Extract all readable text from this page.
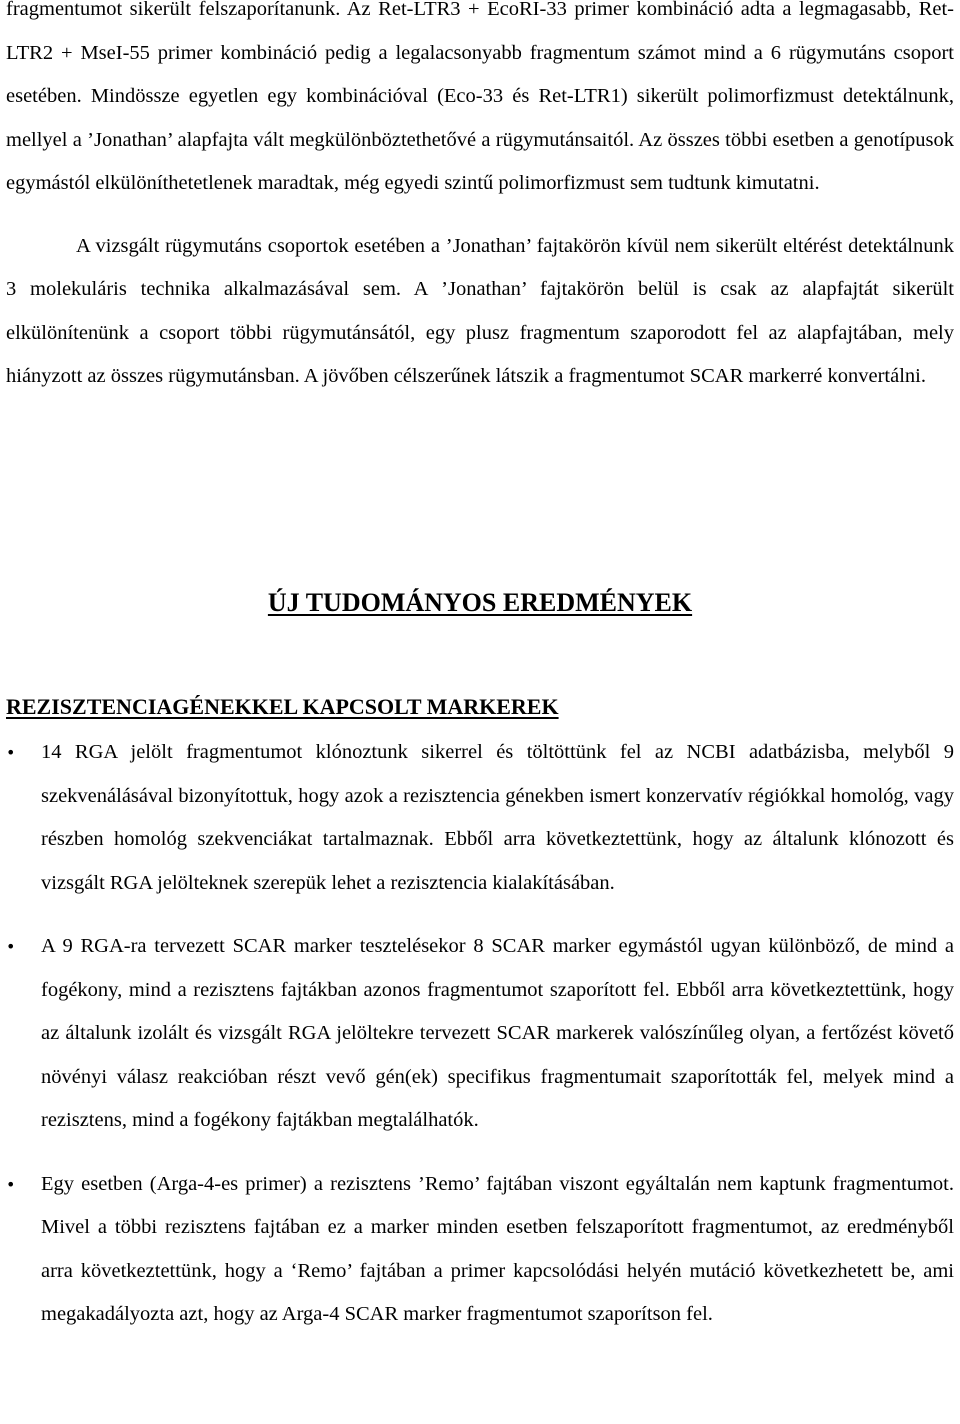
fragmentumot sikerült felszaporítanunk. Az Ret-LTR3 + EcoRI-33 primer kombináció adta a legmagasabb, Ret-LTR2 + MseI-55 primer kombináció pedig a legalacsonyabb fragmentum számot mind a 6 rügymutáns csoport esetében. Mindössze egyetlen egy kombinációval (Eco-33 és Ret-LTR1) sikerült polimorfizmust detektálnunk, mellyel a ’Jonathan’ alapfajta vált megkülönböztethetővé a rügymutánsaitól. Az összes többi esetben a genotípusok egymástól elkülöníthetetlenek maradtak, még egyedi szintű polimorfizmust sem tudtunk kimutatni.

A vizsgált rügymutáns csoportok esetében a ’Jonathan’ fajtakörön kívül nem sikerült eltérést detektálnunk 3 molekuláris technika alkalmazásával sem. A ’Jonathan’ fajtakörön belül is csak az alapfajtát sikerült elkülönítenünk a csoport többi rügymutánsától, egy plusz fragmentum szaporodott fel az alapfajtában, mely hiányzott az összes rügymutánsban. A jövőben célszerűnek látszik a fragmentumot SCAR markerré konvertálni.

ÚJ TUDOMÁNYOS EREDMÉNYEK
REZISZTENCIAGÉNEKKEL KAPCSOLT MARKEREK
•	14 RGA jelölt fragmentumot klónoztunk sikerrel és töltöttünk fel az NCBI adatbázisba, melyből 9 szekvenálásával bizonyítottuk, hogy azok a rezisztencia génekben ismert konzervatív régiókkal homológ, vagy részben homológ szekvenciákat tartalmaznak. Ebből arra következtettünk, hogy az általunk klónozott és vizsgált RGA jelölteknek szerepük lehet a rezisztencia kialakításában.
•	A 9 RGA-ra tervezett SCAR marker tesztelésekor 8 SCAR marker egymástól ugyan különböző, de mind a fogékony, mind a rezisztens fajtákban azonos fragmentumot szaporított fel. Ebből arra következtettünk, hogy az általunk izolált és vizsgált RGA jelöltekre tervezett SCAR markerek valószínűleg olyan, a fertőzést követő növényi válasz reakcióban részt vevő gén(ek) specifikus fragmentumait szaporították fel, melyek mind a rezisztens, mind a fogékony fajtákban megtalálhatók.
•	Egy esetben (Arga-4-es primer) a rezisztens ’Remo’ fajtában viszont egyáltalán nem kaptunk fragmentumot. Mivel a többi rezisztens fajtában ez a marker minden esetben felszaporított fragmentumot, az eredményből arra következtettünk, hogy a ‘Remo’ fajtában a primer kapcsolódási helyén mutáció következhetett be, ami megakadályozta azt, hogy az Arga-4 SCAR marker fragmentumot szaporítson fel.
